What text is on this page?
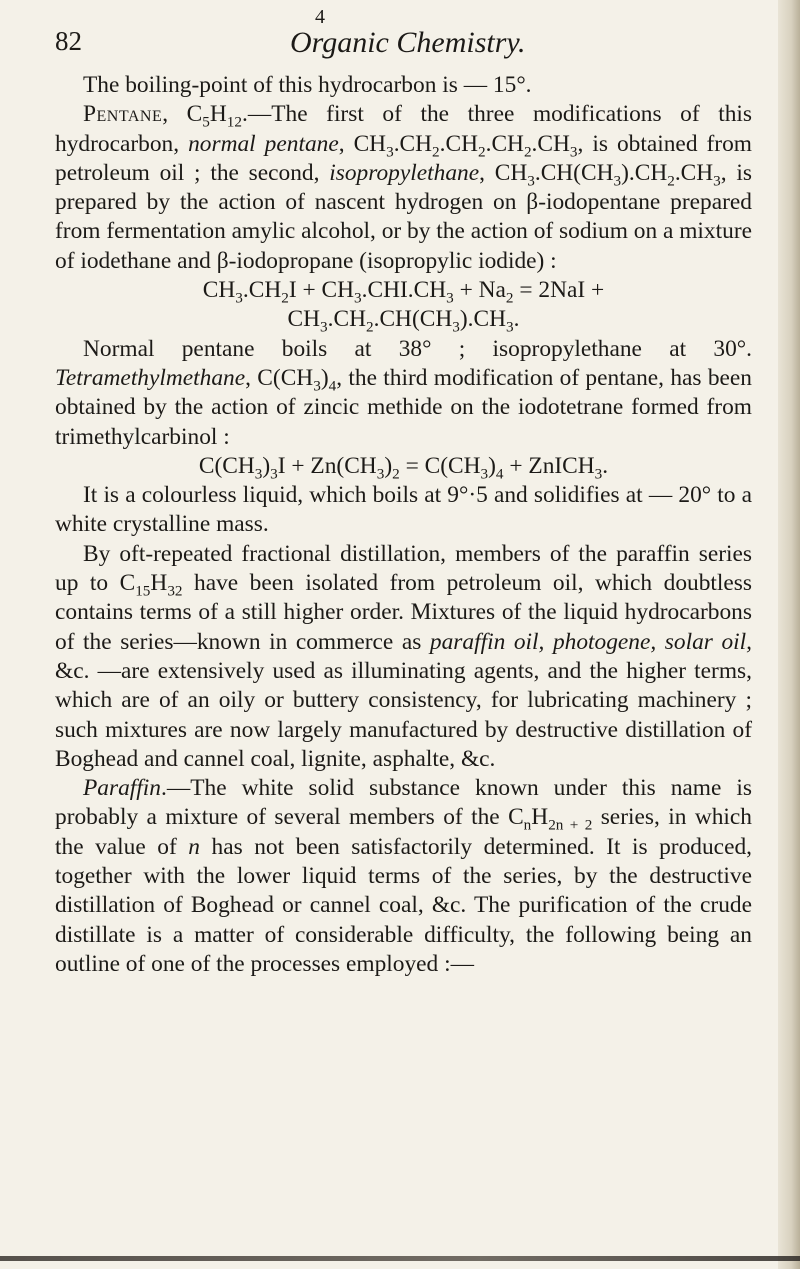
82
4
Organic Chemistry.

The boiling-point of this hydrocarbon is — 15°.

Pentane, $C_5H_{12}.—The$ first of the three modifications of this hydrocarbon, normal pentane, $CH_3.CH_2.CH_2.CH_2.CH_3$, is obtained from petroleum oil ; the second, isopropylethane, $CH_3.CH(CH_3).CH_2.CH_3$, is prepared by the action of nascent hydrogen on β-iodopentane prepared from fermentation amylic alcohol, or by the action of sodium on a mixture of iodethane and β-iodopropane (isopropylic iodide) :

$CH_3.CH_2I + CH_3.CHI.CH_3 + Na_2 = 2NaI$ +

$CH_3.CH_2.CH(CH_3).CH_3$.

Normal pentane boils at 38° ; isopropylethane at 30°. Tetramethylmethane, $C(CH_3)_4$, the third modification of pentane, has been obtained by the action of zincic methide on the iodotetrane formed from trimethylcarbinol :

$C(CH_3)_3I + Zn(CH_3)_2 = C(CH_3)_4$ + ZnICH$_3$.

It is a colourless liquid, which boils at 9°·5 and solidifies at — 20° to a white crystalline mass.

By oft-repeated fractional distillation, members of the paraffin series up to $C_{15}H_{32}$ have been isolated from petroleum oil, which doubtless contains terms of a still higher order. Mixtures of the liquid hydrocarbons of the series—known in commerce as paraffin oil, photogene, solar oil, &c. —are extensively used as illuminating agents, and the higher terms, which are of an oily or buttery consistency, for lubricating machinery ; such mixtures are now largely manufactured by destructive distillation of Boghead and cannel coal, lignite, asphalte, &c.

Paraffin.—The white solid substance known under this name is probably a mixture of several members of the $C_nH_{2n + 2}$ series, in which the value of n has not been satisfactorily determined. It is produced, together with the lower liquid terms of the series, by the destructive distillation of Boghead or cannel coal, &c. The purification of the crude distillate is a matter of considerable difficulty, the following being an outline of one of the processes employed :—
